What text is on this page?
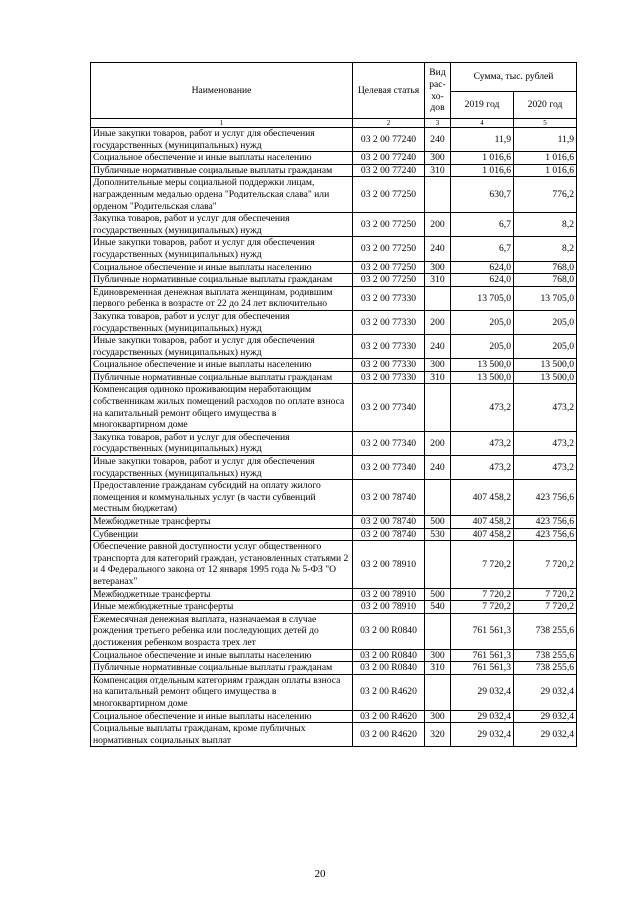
Наименование	Целевая статья	Вид рас-хо-дов	Сумма, тыс. рублей	
			2019 год	2020 год
1	2	3	4	5
Иные закупки товаров, работ и услуг для обеспечения государственных (муниципальных) нужд	03 2 00 77240	240	11,9	11,9
Социальное обеспечение и иные выплаты населению	03 2 00 77240	300	1 016,6	1 016,6
Публичные нормативные социальные выплаты гражданам	03 2 00 77240	310	1 016,6	1 016,6
Дополнительные меры социальной поддержки лицам, награжденным медалью ордена "Родительская слава" или орденом "Родительская слава"	03 2 00 77250		630,7	776,2
Закупка товаров, работ и услуг для обеспечения государственных (муниципальных) нужд	03 2 00 77250	200	6,7	8,2
Иные закупки товаров, работ и услуг для обеспечения государственных (муниципальных) нужд	03 2 00 77250	240	6,7	8,2
Социальное обеспечение и иные выплаты населению	03 2 00 77250	300	624,0	768,0
Публичные нормативные социальные выплаты гражданам	03 2 00 77250	310	624,0	768,0
Единовременная денежная выплата женщинам, родившим первого ребенка в возрасте от 22 до 24 лет включительно	03 2 00 77330		13 705,0	13 705,0
Закупка товаров, работ и услуг для обеспечения государственных (муниципальных) нужд	03 2 00 77330	200	205,0	205,0
Иные закупки товаров, работ и услуг для обеспечения государственных (муниципальных) нужд	03 2 00 77330	240	205,0	205,0
Социальное обеспечение и иные выплаты населению	03 2 00 77330	300	13 500,0	13 500,0
Публичные нормативные социальные выплаты гражданам	03 2 00 77330	310	13 500,0	13 500,0
Компенсация одиноко проживающим неработающим собственникам жилых помещений расходов по оплате взноса на капитальный ремонт общего имущества в многоквартирном доме	03 2 00 77340		473,2	473,2
Закупка товаров, работ и услуг для обеспечения государственных (муниципальных) нужд	03 2 00 77340	200	473,2	473,2
Иные закупки товаров, работ и услуг для обеспечения государственных (муниципальных) нужд	03 2 00 77340	240	473,2	473,2
Предоставление гражданам субсидий на оплату жилого помещения и коммунальных услуг (в части субвенций местным бюджетам)	03 2 00 78740		407 458,2	423 756,6
Межбюджетные трансферты	03 2 00 78740	500	407 458,2	423 756,6
Субвенции	03 2 00 78740	530	407 458,2	423 756,6
Обеспечение равной доступности услуг общественного транспорта для категорий граждан, установленных статьями 2 и 4 Федерального закона от 12 января 1995 года № 5-ФЗ "О ветеранах"	03 2 00 78910		7 720,2	7 720,2
Межбюджетные трансферты	03 2 00 78910	500	7 720,2	7 720,2
Иные межбюджетные трансферты	03 2 00 78910	540	7 720,2	7 720,2
Ежемесячная денежная выплата, назначаемая в случае рождения третьего ребенка или последующих детей до достижения ребенком возраста трех лет	03 2 00 R0840		761 561,3	738 255,6
Социальное обеспечение и иные выплаты населению	03 2 00 R0840	300	761 561,3	738 255,6
Публичные нормативные социальные выплаты гражданам	03 2 00 R0840	310	761 561,3	738 255,6
Компенсация отдельным категориям граждан оплаты взноса на капитальный ремонт общего имущества в многоквартирном доме	03 2 00 R4620		29 032,4	29 032,4
Социальное обеспечение и иные выплаты населению	03 2 00 R4620	300	29 032,4	29 032,4
Социальные выплаты гражданам, кроме публичных нормативных социальных выплат	03 2 00 R4620	320	29 032,4	29 032,4
20
